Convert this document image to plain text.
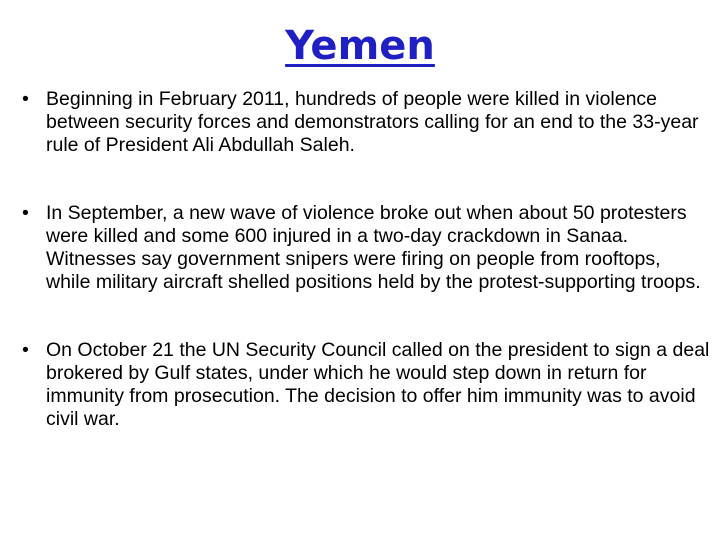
Yemen
• Beginning in February 2011, hundreds of people were killed in violence between security forces and demonstrators calling for an end to the 33-year rule of President Ali Abdullah Saleh.
• In September, a new wave of violence broke out when about 50 protesters were killed and some 600 injured in a two-day crackdown in Sanaa. Witnesses say government snipers were firing on people from rooftops, while military aircraft shelled positions held by the protest-supporting troops.
• On October 21 the UN Security Council called on the president to sign a deal brokered by Gulf states, under which he would step down in return for immunity from prosecution. The decision to offer him immunity was to avoid civil war.
